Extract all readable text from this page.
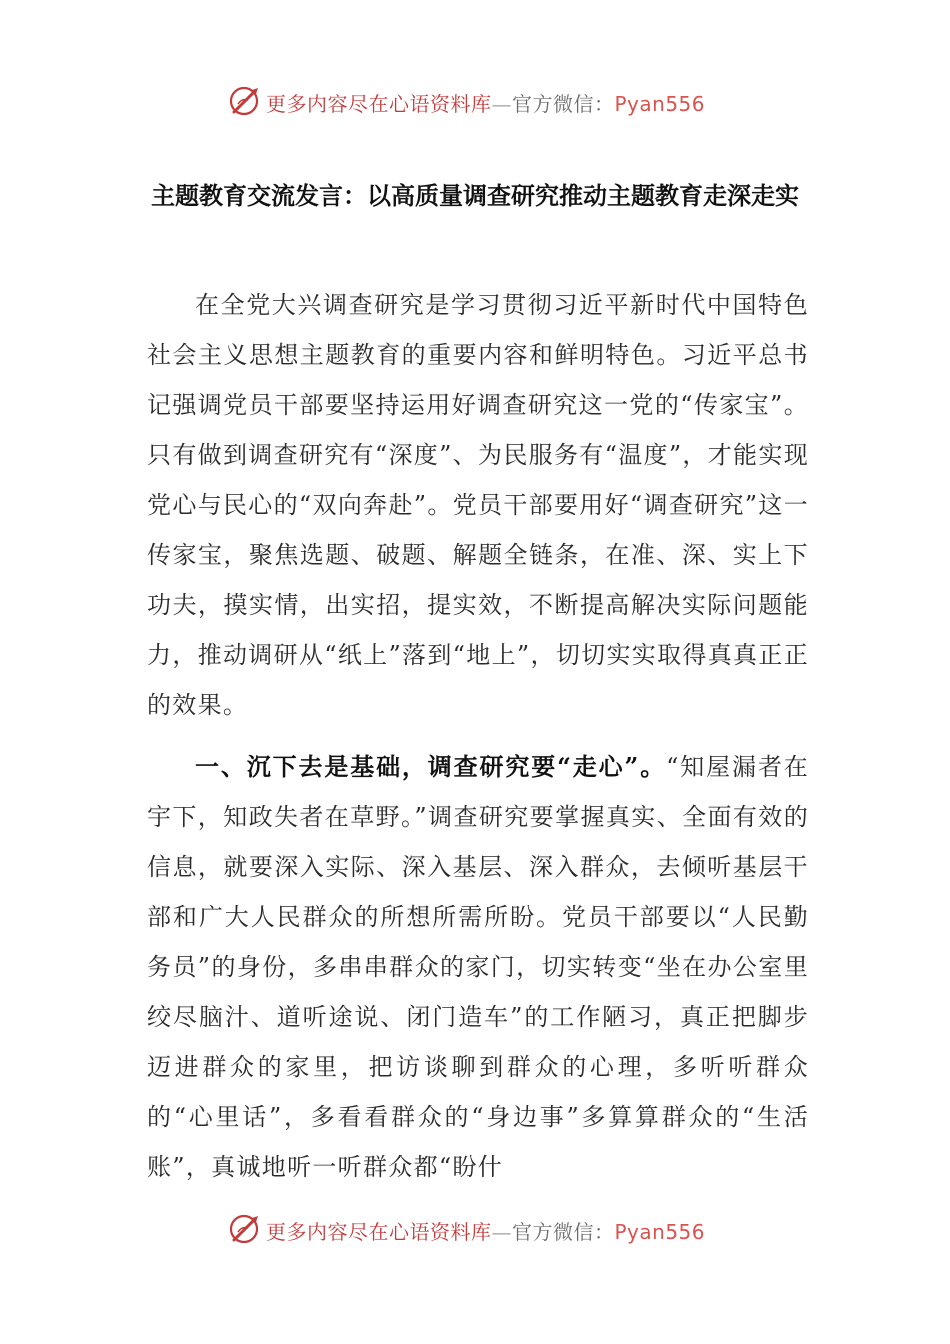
更多内容尽在心语资料库—官方微信：Pyan556
主题教育交流发言：以高质量调查研究推动主题教育走深走实
在全党大兴调查研究是学习贯彻习近平新时代中国特色社会主义思想主题教育的重要内容和鲜明特色。习近平总书记强调党员干部要坚持运用好调查研究这一党的“传家宝”。只有做到调查研究有“深度”、为民服务有“温度”，才能实现党心与民心的“双向奔赴”。党员干部要用好“调查研究”这一传家宝，聚焦选题、破题、解题全链条，在准、深、实上下功夫，摸实情，出实招，提实效，不断提高解决实际问题能力，推动调研从“纸上”落到“地上”，切切实实取得真真正正的效果。
一、沉下去是基础，调查研究要“走心”。“知屋漏者在宇下，知政失者在草野。”调查研究要掌握真实、全面有效的信息，就要深入实际、深入基层、深入群众，去倾听基层干部和广大人民群众的所想所需所盼。党员干部要以“人民勤务员”的身份，多串串群众的家门，切实转变“坐在办公室里绞尽脑汁、道听途说、闭门造车”的工作陋习，真正把脚步迈进群众的家里，把访谈聊到群众的心理，多听听群众的“心里话”，多看看群众的“身边事”多算算群众的“生活账”，真诚地听一听群众都“盼什
更多内容尽在心语资料库—官方微信：Pyan556
